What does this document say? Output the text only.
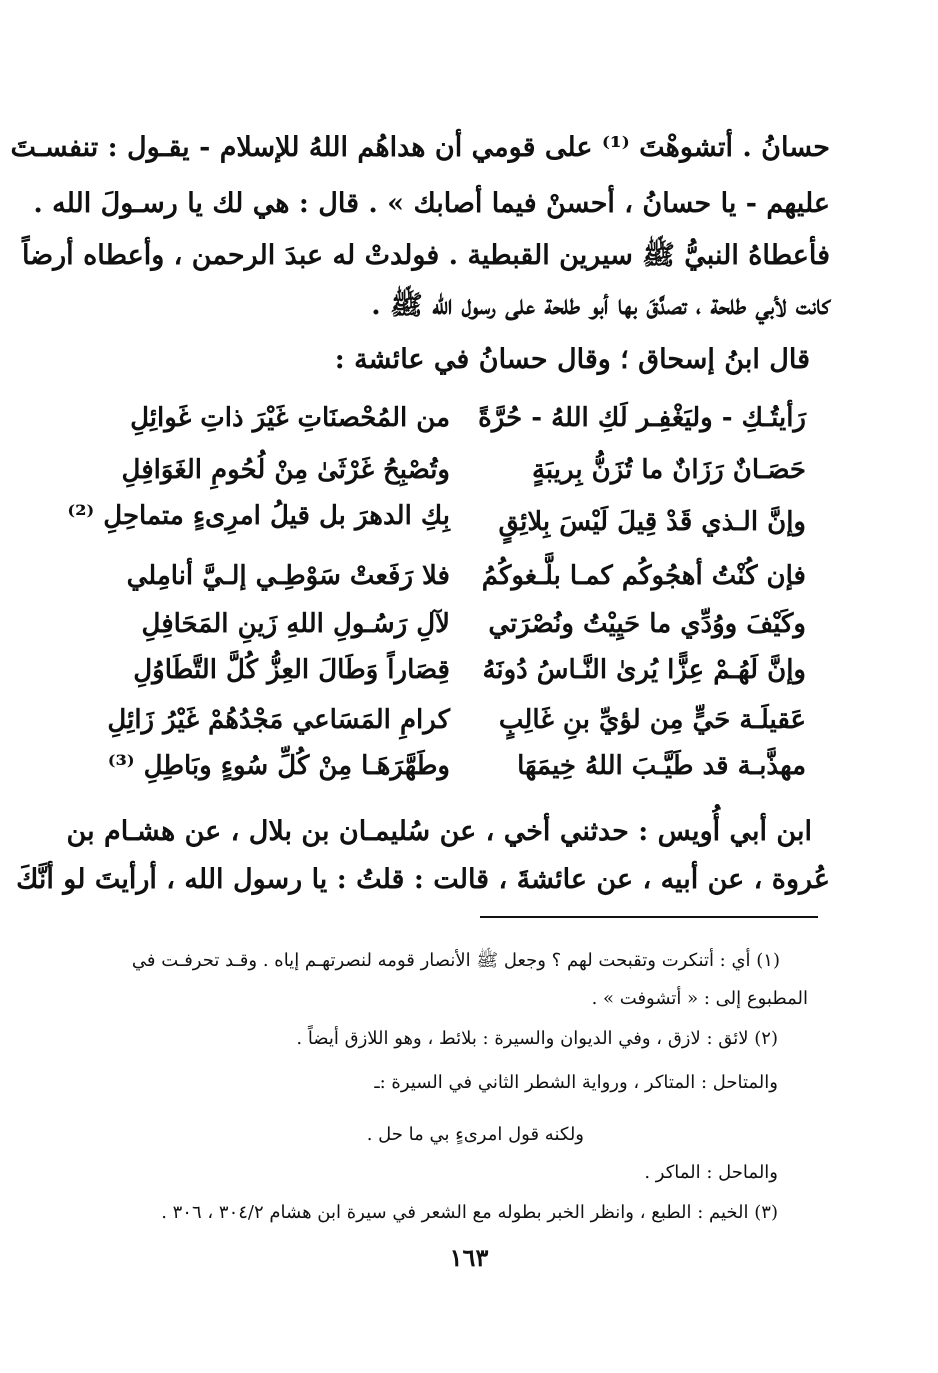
حسانُ . أتشوهْتَ ⁽¹⁾ على قومي أن هداهُم اللهُ للإسلام - يقـول : تنفسـتَ
عليهم - يا حسانُ ، أحسنْ فيما أصابك » . قال : هي لك يا رسـولَ الله .
فأعطاهُ النبيُّ ﷺ سيرين القبطية . فولدتْ له عبدَ الرحمن ، وأعطاه أرضاً
كانت لأبي طلحة ، تصدَّقَ بها أبو طلحة على رسول الله ﷺ .
قال ابنُ إسحاق ؛ وقال حسانُ في عائشة :
رَأيتُـكِ - وليَغْفِـر لَكِ اللهُ - حُرَّةً
من المُحْصنَاتِ غَيْرَ ذاتِ غَوائِلِ
حَصَـانٌ رَزَانٌ ما تُزَنُّ بِريبَةٍ
وتُصْبِحُ غَرْثَىٰ مِنْ لُحُومِ الغَوَافِلِ
وإنَّ الـذي قَدْ قِيلَ لَيْسَ بِلائِقٍ
بِكِ الدهرَ بل قيلُ امرِىءٍ متماحِلِ ⁽²⁾
فإن كُنْتُ أهجُوكُم كمـا بلَّـغوكُمُ
فلا رَفَعتْ سَوْطِـي إلـيَّ أنامِلي
وكَيْفَ ووُدِّي ما حَيِيْتُ ونُصْرَتي
لآلِ رَسُـولِ اللهِ زَينِ المَحَافِلِ
وإنَّ لَهُـمْ عِزًّا يُرىٰ النَّـاسُ دُونَهُ
قِصَاراً وَطَالَ العِزُّ كُلَّ التَّطَاوُلِ
عَقيلَـة حَيٍّ مِن لؤيِّ بنِ غَالِبٍ
كرامِ المَسَاعي مَجْدُهُمْ غَيْرُ زَائِلِ
مهذَّبـة قد طَيَّـبَ اللهُ خِيمَهَا
وطَهَّرَهَـا مِنْ كُلِّ سُوءٍ وبَاطِلِ ⁽³⁾
ابن أبي أُويس : حدثني أخي ، عن سُليمـان بن بلال ، عن هشـام بن
عُروة ، عن أبيه ، عن عائشةَ ، قالت : قلتُ : يا رسول الله ، أرأيتَ لو أنَّكَ
(١) أي : أتنكرت وتقبحت لهم ؟ وجعل ﷺ الأنصار قومه لنصرتهـم إياه . وقـد تحرفـت في
المطبوع إلى : « أتشوفت » .
(٢) لائق : لازق ، وفي الديوان والسيرة : بلائط ، وهو اللازق أيضاً .
والمتاحل : المتاكر ، ورواية الشطر الثاني في السيرة :ـ
ولكنه قول امرىءٍ بي ما حل .
والماحل : الماكر .
(٣) الخيم : الطبع ، وانظر الخبر بطوله مع الشعر في سيرة ابن هشام ٣٠٤/٢ ، ٣٠٦ .
١٦٣
